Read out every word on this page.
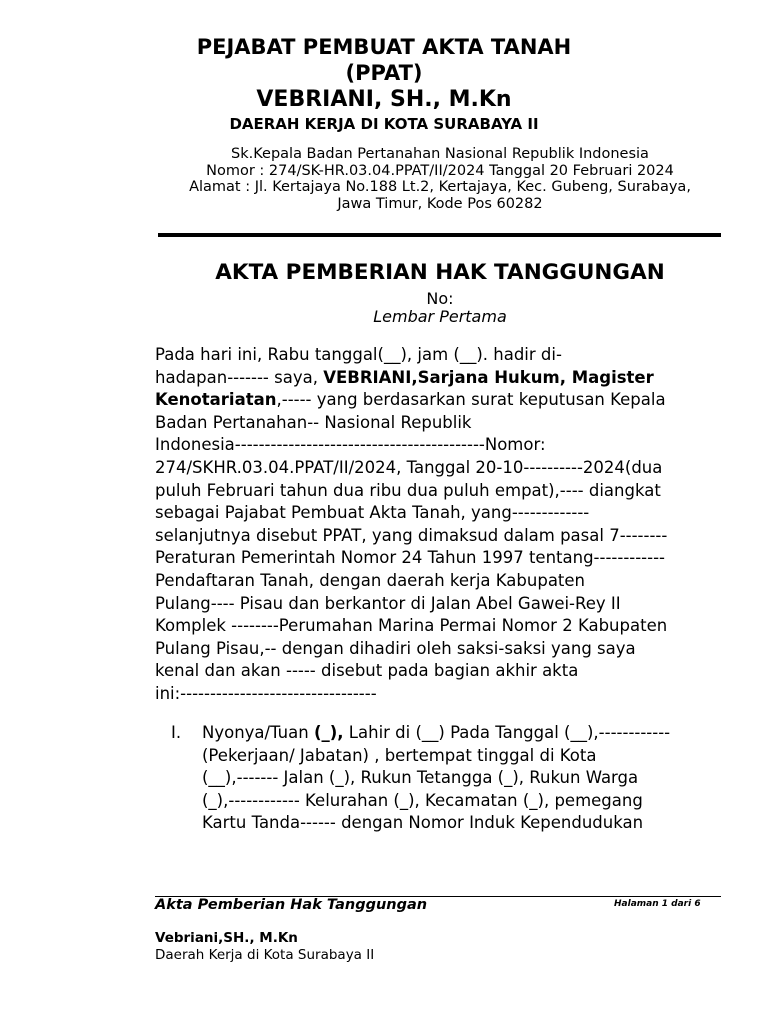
PEJABAT PEMBUAT AKTA TANAH
(PPAT)
VEBRIANI, SH., M.Kn
DAERAH KERJA DI KOTA SURABAYA II
Sk.Kepala Badan Pertanahan Nasional Republik Indonesia
Nomor : 274/SK-HR.03.04.PPAT/II/2024 Tanggal 20 Februari 2024
Alamat : Jl. Kertajaya No.188 Lt.2, Kertajaya, Kec. Gubeng, Surabaya,
Jawa Timur, Kode Pos 60282
AKTA PEMBERIAN HAK TANGGUNGAN
No:
Lembar Pertama
Pada hari ini, Rabu tanggal(__), jam (__). hadir di-
hadapan------- saya, VEBRIANI,Sarjana Hukum, Magister
Kenotariatan,----- yang berdasarkan surat keputusan Kepala
Badan Pertanahan-- Nasional Republik
Indonesia------------------------------------------Nomor:
274/SKHR.03.04.PPAT/II/2024, Tanggal 20-10----------2024(dua
puluh Februari tahun dua ribu dua puluh empat),---- diangkat
sebagai Pajabat Pembuat Akta Tanah, yang-------------
selanjutnya disebut PPAT, yang dimaksud dalam pasal 7--------
Peraturan Pemerintah Nomor 24 Tahun 1997 tentang------------
Pendaftaran Tanah, dengan daerah kerja Kabupaten
Pulang---- Pisau dan berkantor di Jalan Abel Gawei-Rey II
Komplek --------Perumahan Marina Permai Nomor 2 Kabupaten
Pulang Pisau,-- dengan dihadiri oleh saksi-saksi yang saya
kenal dan akan ----- disebut pada bagian akhir akta
ini:---------------------------------
I. Nyonya/Tuan (_), Lahir di (__) Pada Tanggal (__),------------
(Pekerjaan/ Jabatan) , bertempat tinggal di Kota
(__),------- Jalan (_), Rukun Tetangga (_), Rukun Warga
(_),------------ Kelurahan (_), Kecamatan (_), pemegang
Kartu Tanda------ dengan Nomor Induk Kependudukan
Akta Pemberian Hak Tanggungan	Halaman 1 dari 6
Vebriani,SH., M.Kn
Daerah Kerja di Kota Surabaya II
